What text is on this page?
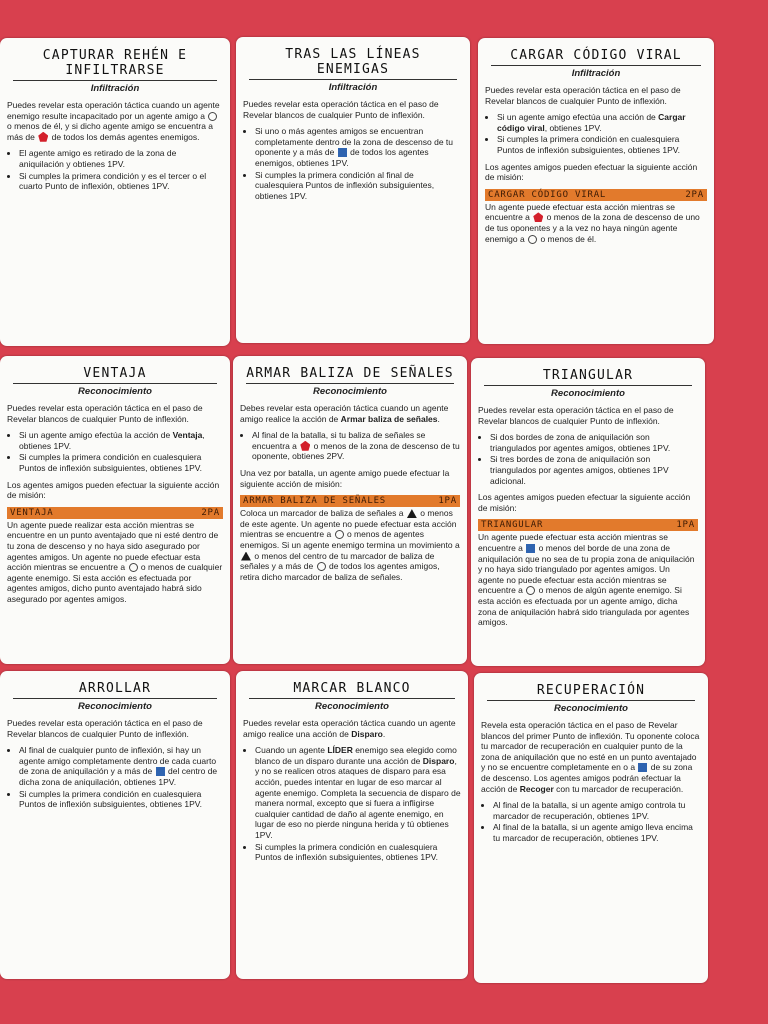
CAPTURAR REHÉN E INFILTRARSE
Infiltración

Puedes revelar esta operación táctica cuando un agente enemigo resulte incapacitado por un agente amigo a  o menos de él, y si dicho agente amigo se encuentra a más de de todos los demás agentes enemigos.

• El agente amigo es retirado de la zona de aniquilación y obtienes 1PV.
• Si cumples la primera condición y es el tercer o el cuarto Punto de inflexión, obtienes 1PV.
TRAS LAS LÍNEAS ENEMIGAS
Infiltración

Puedes revelar esta operación táctica en el paso de Revelar blancos de cualquier Punto de inflexión.

• Si uno o más agentes amigos se encuentran completamente dentro de la zona de descenso de tu oponente y a más de de todos los agentes enemigos, obtienes 1PV.
• Si cumples la primera condición al final de cualesquiera Puntos de inflexión subsiguientes, obtienes 1PV.
CARGAR CÓDIGO VIRAL
Infiltración

Puedes revelar esta operación táctica en el paso de Revelar blancos de cualquier Punto de inflexión.

• Si un agente amigo efectúa una acción de Cargar código viral, obtienes 1PV.
• Si cumples la primera condición en cualesquiera Puntos de inflexión subsiguientes, obtienes 1PV.

Los agentes amigos pueden efectuar la siguiente acción de misión:

CARGAR CÓDIGO VIRAL	2PA
Un agente puede efectuar esta acción mientras se encuentre a o menos de la zona de descenso de uno de tus oponentes y a la vez no haya ningún agente enemigo a o menos de él.
VENTAJA
Reconocimiento

Puedes revelar esta operación táctica en el paso de Revelar blancos de cualquier Punto de inflexión.

• Si un agente amigo efectúa la acción de Ventaja, obtienes 1PV.
• Si cumples la primera condición en cualesquiera Puntos de inflexión subsiguientes, obtienes 1PV.

Los agentes amigos pueden efectuar la siguiente acción de misión:

VENTAJA	2PA
Un agente puede realizar esta acción mientras se encuentre en un punto aventajado que ni esté dentro de tu zona de descenso y no haya sido asegurado por agentes amigos. Un agente no puede efectuar esta acción mientras se encuentre a o menos de cualquier agente enemigo. Si esta acción es efectuada por agentes amigos, dicho punto aventajado habrá sido asegurado por agentes amigos.
ARMAR BALIZA DE SEÑALES
Reconocimiento

Debes revelar esta operación táctica cuando un agente amigo realice la acción de Armar baliza de señales.

• Al final de la batalla, si tu baliza de señales se encuentra a o menos de la zona de descenso de tu oponente, obtienes 2PV.

Una vez por batalla, un agente amigo puede efectuar la siguiente acción de misión:

ARMAR BALIZA DE SEÑALES	1PA
Coloca un marcador de baliza de señales a o menos de este agente. Un agente no puede efectuar esta acción mientras se encuentre a o menos de agentes enemigos. Si un agente enemigo termina un movimiento a  o menos del centro de tu marcador de baliza de señales y a más de de todos los agentes amigos, retira dicho marcador de baliza de señales.
TRIANGULAR
Reconocimiento

Puedes revelar esta operación táctica en el paso de Revelar blancos de cualquier Punto de inflexión.

• Si dos bordes de zona de aniquilación son triangulados por agentes amigos, obtienes 1PV.
• Si tres bordes de zona de aniquilación son triangulados por agentes amigos, obtienes 1PV adicional.

Los agentes amigos pueden efectuar la siguiente acción de misión:

TRIANGULAR	1PA
Un agente puede efectuar esta acción mientras se encuentre a o menos del borde de una zona de aniquilación que no sea de tu propia zona de aniquilación y no haya sido triangulado por agentes amigos. Un agente no puede efectuar esta acción mientras se encuentre a o menos de algún agente enemigo. Si esta acción es efectuada por un agente amigo, dicha zona de aniquilación habrá sido triangulada por agentes amigos.
ARROLLAR
Reconocimiento

Puedes revelar esta operación táctica en el paso de Revelar blancos de cualquier Punto de inflexión.

• Al final de cualquier punto de inflexión, si hay un agente amigo completamente dentro de cada cuarto de zona de aniquilación y a más de del centro de dicha zona de aniquilación, obtienes 1PV.
• Si cumples la primera condición en cualesquiera Puntos de inflexión subsiguientes, obtienes 1PV.
MARCAR BLANCO
Reconocimiento

Puedes revelar esta operación táctica cuando un agente amigo realice una acción de Disparo.

• Cuando un agente LÍDER enemigo sea elegido como blanco de un disparo durante una acción de Disparo, y no se realicen otros ataques de disparo para esa acción, puedes intentar en lugar de eso marcar al agente enemigo. Completa la secuencia de disparo de manera normal, excepto que si fuera a infligirse cualquier cantidad de daño al agente enemigo, en lugar de eso no pierde ninguna herida y tú obtienes 1PV.
• Si cumples la primera condición en cualesquiera Puntos de inflexión subsiguientes, obtienes 1PV.
RECUPERACIÓN
Reconocimiento

Revela esta operación táctica en el paso de Revelar blancos del primer Punto de inflexión. Tu oponente coloca tu marcador de recuperación en cualquier punto de la zona de aniquilación que no esté en un punto aventajado y no se encuentre completamente en o a de su zona de descenso. Los agentes amigos podrán efectuar la acción de Recoger con tu marcador de recuperación.

• Al final de la batalla, si un agente amigo controla tu marcador de recuperación, obtienes 1PV.
• Al final de la batalla, si un agente amigo lleva encima tu marcador de recuperación, obtienes 1PV.
